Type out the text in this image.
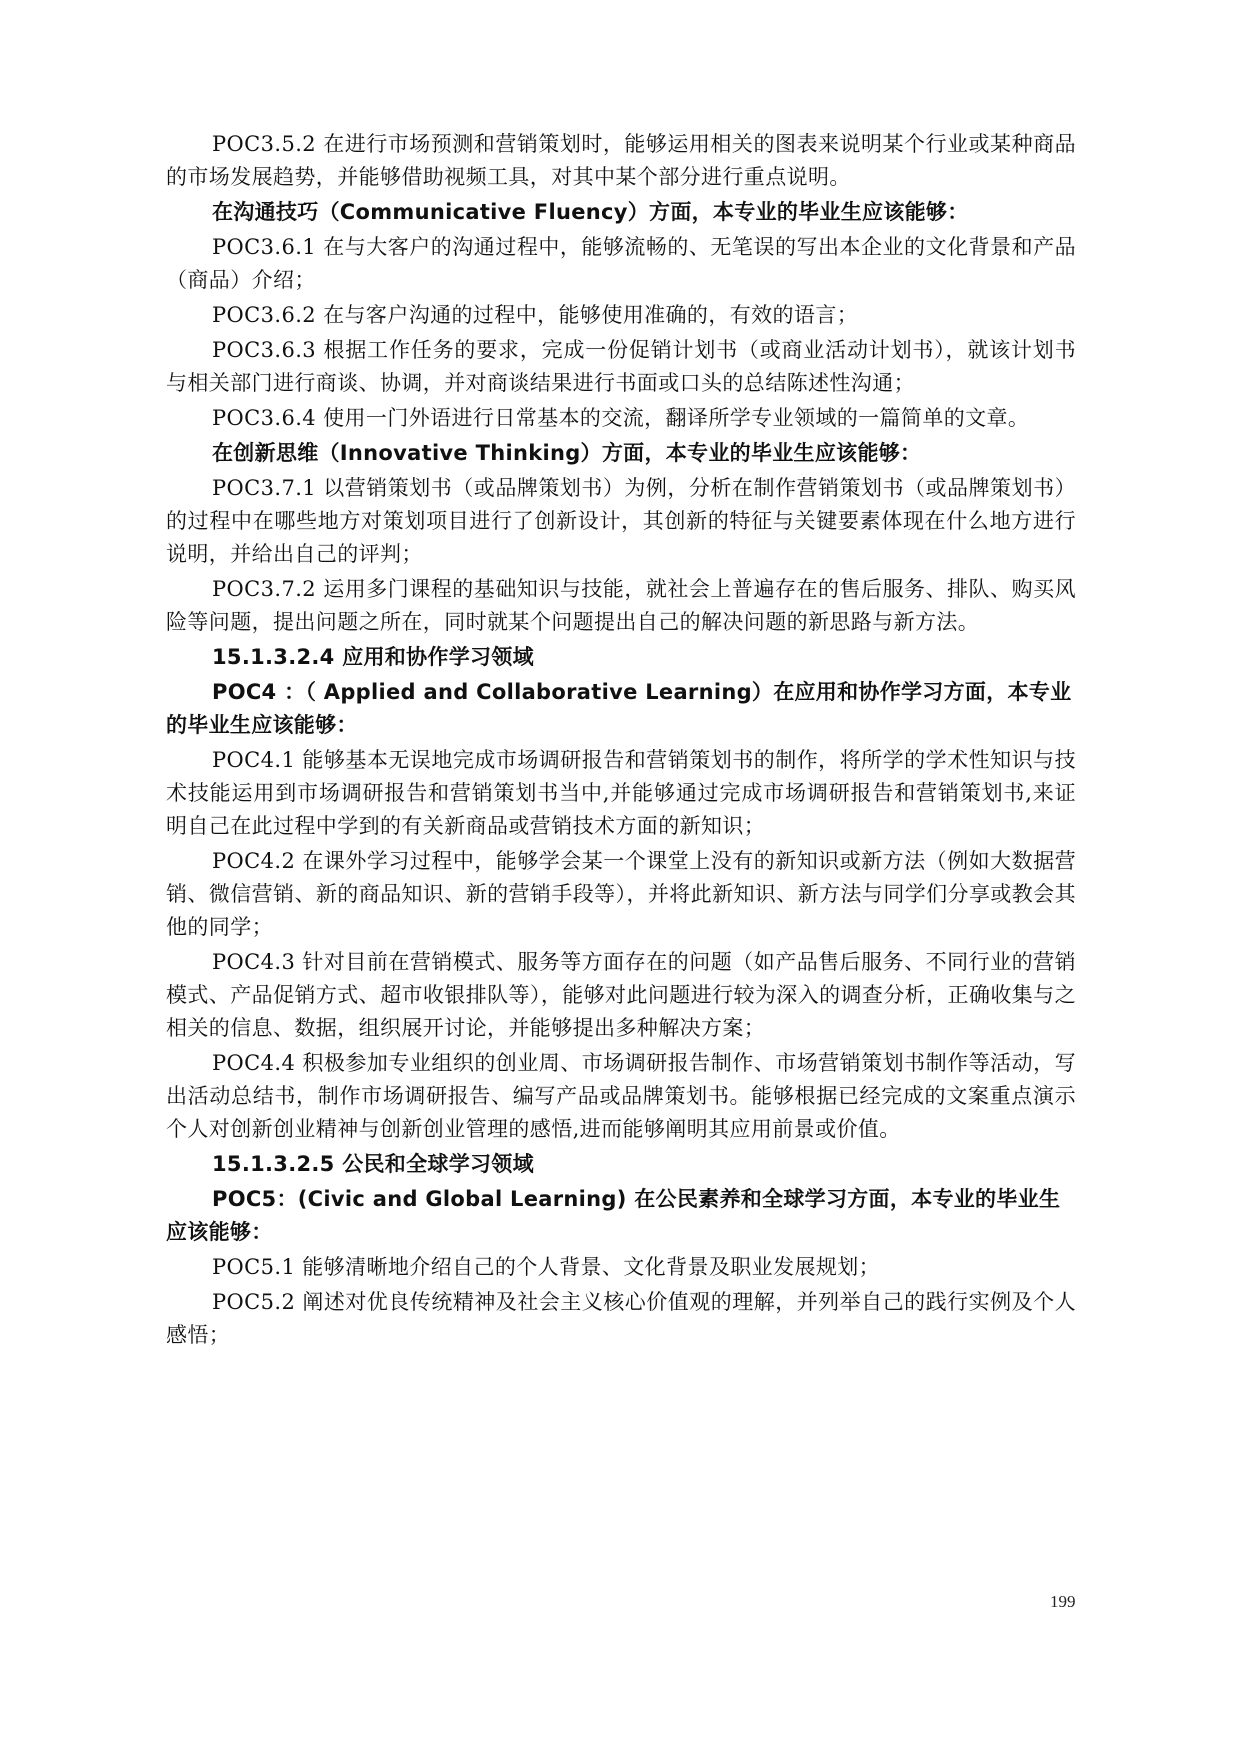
POC3.5.2 在进行市场预测和营销策划时，能够运用相关的图表来说明某个行业或某种商品的市场发展趋势，并能够借助视频工具，对其中某个部分进行重点说明。

在沟通技巧（Communicative Fluency）方面，本专业的毕业生应该能够：

POC3.6.1 在与大客户的沟通过程中，能够流畅的、无笔误的写出本企业的文化背景和产品（商品）介绍；

POC3.6.2 在与客户沟通的过程中，能够使用准确的，有效的语言；

POC3.6.3 根据工作任务的要求，完成一份促销计划书（或商业活动计划书），就该计划书与相关部门进行商谈、协调，并对商谈结果进行书面或口头的总结陈述性沟通；

POC3.6.4 使用一门外语进行日常基本的交流，翻译所学专业领域的一篇简单的文章。

在创新思维（Innovative Thinking）方面，本专业的毕业生应该能够：

POC3.7.1 以营销策划书（或品牌策划书）为例，分析在制作营销策划书（或品牌策划书）的过程中在哪些地方对策划项目进行了创新设计，其创新的特征与关键要素体现在什么地方进行说明，并给出自己的评判；

POC3.7.2 运用多门课程的基础知识与技能，就社会上普遍存在的售后服务、排队、购买风险等问题，提出问题之所在，同时就某个问题提出自己的解决问题的新思路与新方法。

15.1.3.2.4 应用和协作学习领域

POC4 ：（ Applied and Collaborative Learning）在应用和协作学习方面，本专业的毕业生应该能够：

POC4.1 能够基本无误地完成市场调研报告和营销策划书的制作，将所学的学术性知识与技术技能运用到市场调研报告和营销策划书当中,并能够通过完成市场调研报告和营销策划书,来证明自己在此过程中学到的有关新商品或营销技术方面的新知识；

POC4.2 在课外学习过程中，能够学会某一个课堂上没有的新知识或新方法（例如大数据营销、微信营销、新的商品知识、新的营销手段等），并将此新知识、新方法与同学们分享或教会其他的同学；

POC4.3 针对目前在营销模式、服务等方面存在的问题（如产品售后服务、不同行业的营销模式、产品促销方式、超市收银排队等），能够对此问题进行较为深入的调查分析，正确收集与之相关的信息、数据，组织展开讨论，并能够提出多种解决方案；

POC4.4 积极参加专业组织的创业周、市场调研报告制作、市场营销策划书制作等活动，写出活动总结书，制作市场调研报告、编写产品或品牌策划书。能够根据已经完成的文案重点演示个人对创新创业精神与创新创业管理的感悟,进而能够阐明其应用前景或价值。

15.1.3.2.5 公民和全球学习领域

POC5：(Civic and Global Learning) 在公民素养和全球学习方面，本专业的毕业生应该能够：

POC5.1 能够清晰地介绍自己的个人背景、文化背景及职业发展规划；

POC5.2 阐述对优良传统精神及社会主义核心价值观的理解，并列举自己的践行实例及个人感悟；

199
